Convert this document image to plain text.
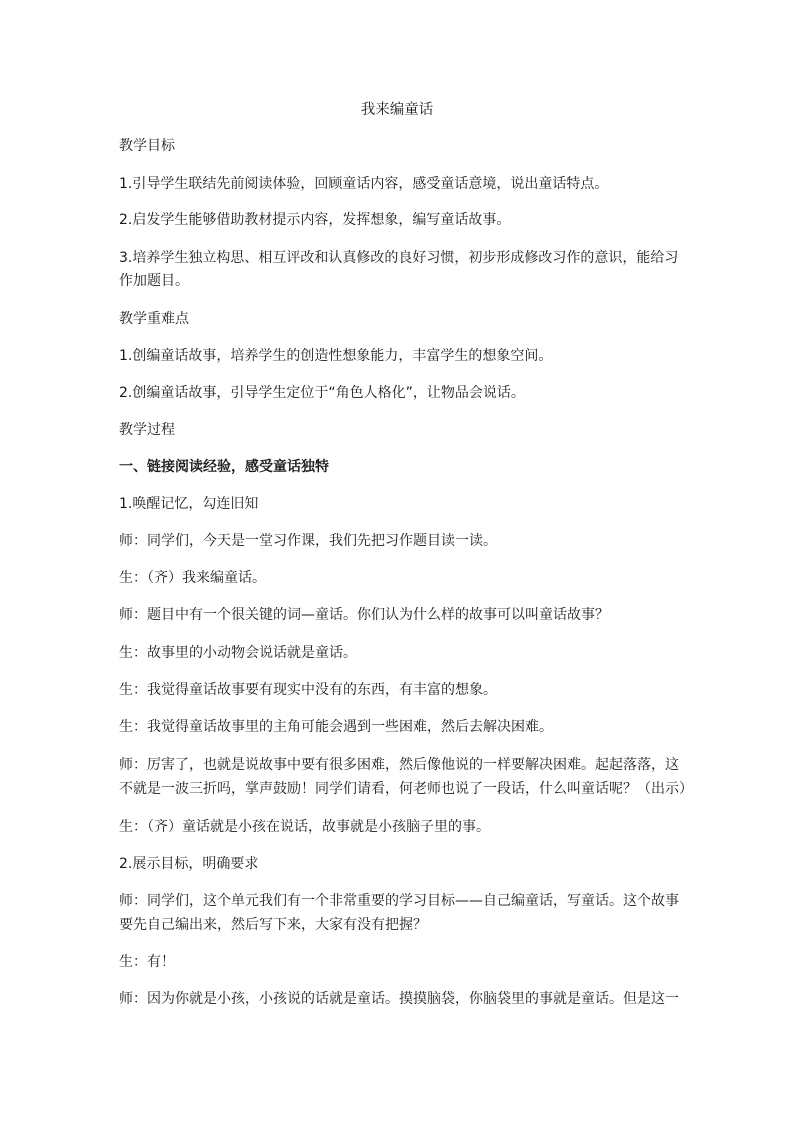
我来编童话
教学目标
1.引导学生联结先前阅读体验，回顾童话内容，感受童话意境，说出童话特点。
2.启发学生能够借助教材提示内容，发挥想象，编写童话故事。
3.培养学生独立构思、相互评改和认真修改的良好习惯，初步形成修改习作的意识，能给习
作加题目。
教学重难点
1.创编童话故事，培养学生的创造性想象能力，丰富学生的想象空间。
2.创编童话故事，引导学生定位于“角色人格化”，让物品会说话。
教学过程
一、链接阅读经验，感受童话独特
1.唤醒记忆，勾连旧知
师：同学们，今天是一堂习作课，我们先把习作题目读一读。
生：（齐）我来编童话。
师：题目中有一个很关键的词—童话。你们认为什么样的故事可以叫童话故事？
生：故事里的小动物会说话就是童话。
生：我觉得童话故事要有现实中没有的东西，有丰富的想象。
生：我觉得童话故事里的主角可能会遇到一些困难，然后去解决困难。
师：厉害了，也就是说故事中要有很多困难，然后像他说的一样要解决困难。起起落落，这
不就是一波三折吗，掌声鼓励！同学们请看，何老师也说了一段话，什么叫童话呢？（出示）
生：（齐）童话就是小孩在说话，故事就是小孩脑子里的事。
2.展示目标，明确要求
师：同学们，这个单元我们有一个非常重要的学习目标——自己编童话，写童话。这个故事
要先自己编出来，然后写下来，大家有没有把握？
生：有！
师：因为你就是小孩，小孩说的话就是童话。摸摸脑袋，你脑袋里的事就是童话。但是这一
